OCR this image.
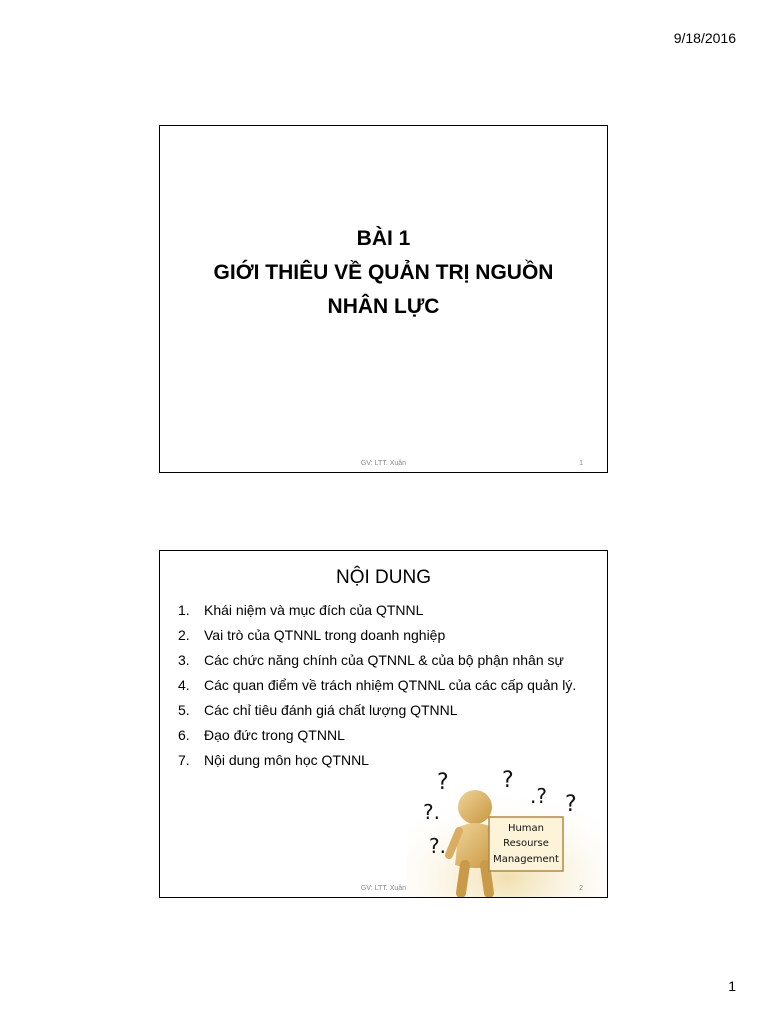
9/18/2016
BÀI 1
GIỚI THIÊU VỀ QUẢN TRỊ NGUỒN
NHÂN LỰC
GV: LTT. Xuân	1
NỘI DUNG
1.	Khái niệm và mục đích của QTNNL
2.	Vai trò của QTNNL trong doanh nghiệp
3.	Các chức năng chính của QTNNL & của bộ phận nhân sự
4.	Các quan điểm về trách nhiệm QTNNL của các cấp quản lý.
5.	Các chỉ tiêu đánh giá chất lượng QTNNL
6.	Đạo đức trong QTNNL
7.	Nội dung môn học QTNNL
? ?
.? ?
?.
?.
Human
Resourse
Management
GV: LTT. Xuân	2
1
